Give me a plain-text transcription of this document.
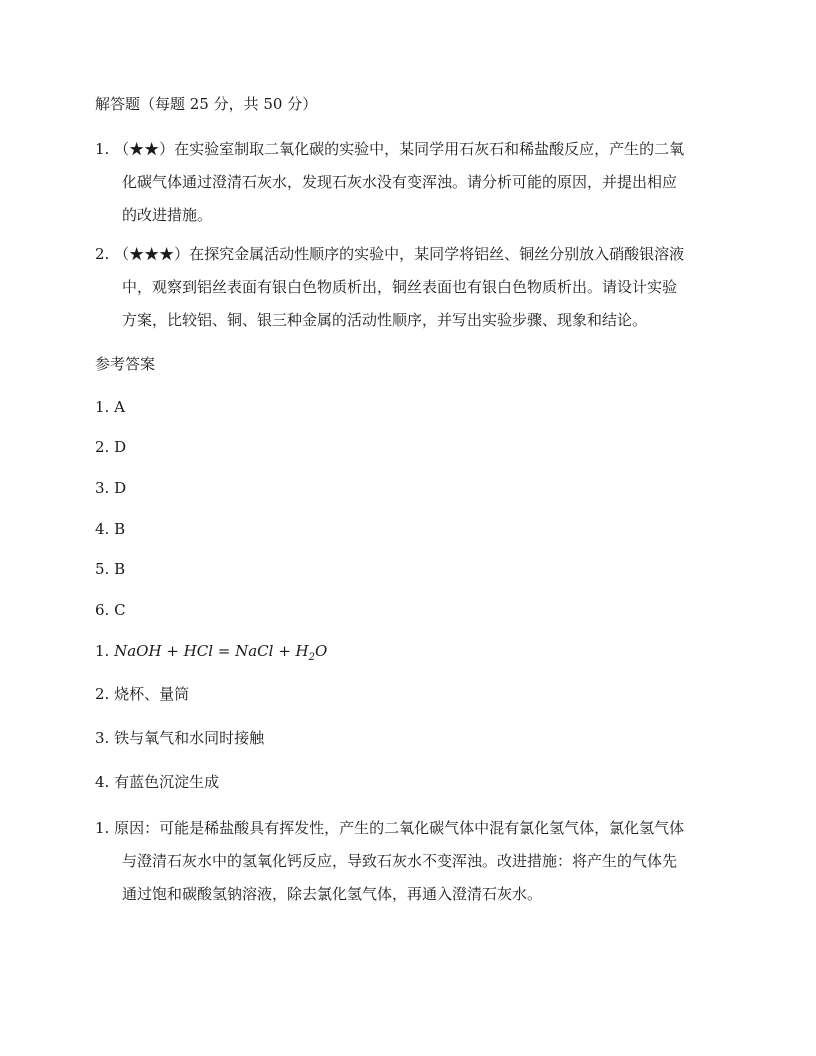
解答题（每题 25 分，共 50 分）
1. （★★）在实验室制取二氧化碳的实验中，某同学用石灰石和稀盐酸反应，产生的二氧
化碳气体通过澄清石灰水，发现石灰水没有变浑浊。请分析可能的原因，并提出相应
的改进措施。
2. （★★★）在探究金属活动性顺序的实验中，某同学将铝丝、铜丝分别放入硝酸银溶液
中，观察到铝丝表面有银白色物质析出，铜丝表面也有银白色物质析出。请设计实验
方案，比较铝、铜、银三种金属的活动性顺序，并写出实验步骤、现象和结论。
参考答案
1. A
2. D
3. D
4. B
5. B
6. C
1. NaOH + HCl = NaCl + $H_2O$
2. 烧杯、量筒
3. 铁与氧气和水同时接触
4. 有蓝色沉淀生成
1. 原因：可能是稀盐酸具有挥发性，产生的二氧化碳气体中混有氯化氢气体，氯化氢气体
与澄清石灰水中的氢氧化钙反应，导致石灰水不变浑浊。改进措施：将产生的气体先
通过饱和碳酸氢钠溶液，除去氯化氢气体，再通入澄清石灰水。
